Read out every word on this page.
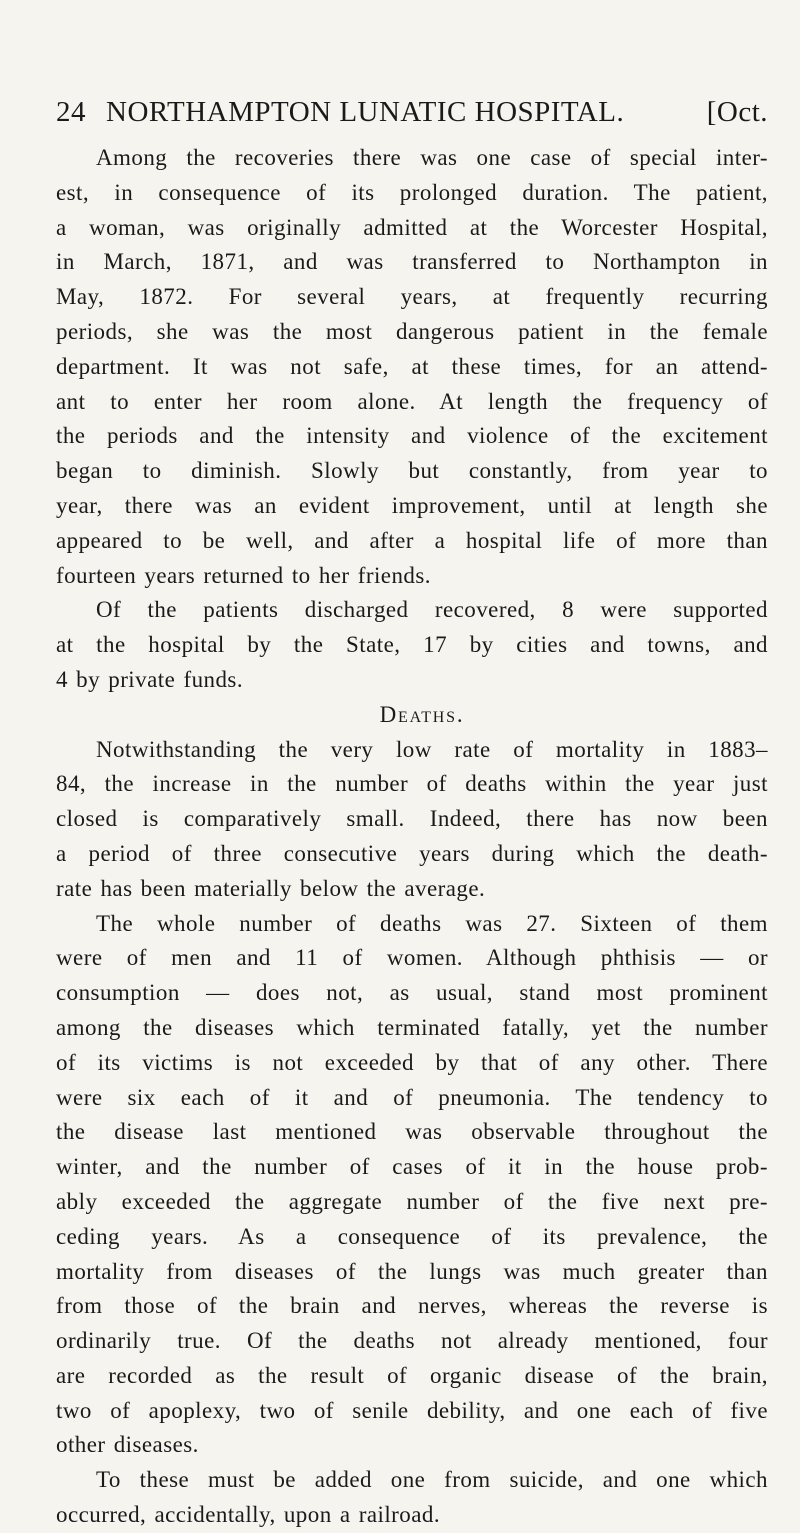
24 NORTHAMPTON LUNATIC HOSPITAL.	[Oct.
Among the recoveries there was one case of special inter-
est, in consequence of its prolonged duration. The patient,
a woman, was originally admitted at the Worcester Hospital,
in March, 1871, and was transferred to Northampton in
May, 1872. For several years, at frequently recurring
periods, she was the most dangerous patient in the female
department. It was not safe, at these times, for an attend-
ant to enter her room alone. At length the frequency of
the periods and the intensity and violence of the excitement
began to diminish. Slowly but constantly, from year to
year, there was an evident improvement, until at length she
appeared to be well, and after a hospital life of more than
fourteen years returned to her friends.
Of the patients discharged recovered, 8 were supported
at the hospital by the State, 17 by cities and towns, and
4 by private funds.
Deaths.
Notwithstanding the very low rate of mortality in 1883–
84, the increase in the number of deaths within the year just
closed is comparatively small. Indeed, there has now been
a period of three consecutive years during which the death-
rate has been materially below the average.
The whole number of deaths was 27. Sixteen of them
were of men and 11 of women. Although phthisis — or
consumption — does not, as usual, stand most prominent
among the diseases which terminated fatally, yet the number
of its victims is not exceeded by that of any other. There
were six each of it and of pneumonia. The tendency to
the disease last mentioned was observable throughout the
winter, and the number of cases of it in the house prob-
ably exceeded the aggregate number of the five next pre-
ceding years. As a consequence of its prevalence, the
mortality from diseases of the lungs was much greater than
from those of the brain and nerves, whereas the reverse is
ordinarily true. Of the deaths not already mentioned, four
are recorded as the result of organic disease of the brain,
two of apoplexy, two of senile debility, and one each of five
other diseases.
To these must be added one from suicide, and one which
occurred, accidentally, upon a railroad.
